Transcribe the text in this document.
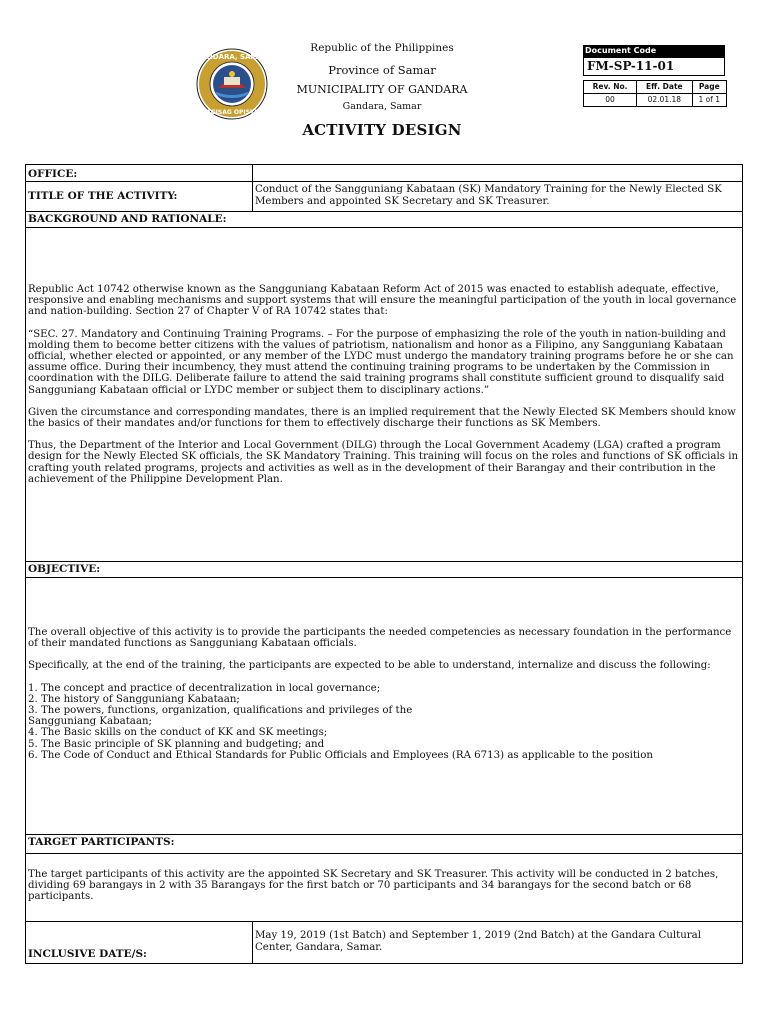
GANDARA, SAMAR
SAGISAG OPISYAL
Republic of the Philippines
Province of Samar
MUNICIPALITY OF GANDARA
Gandara, Samar
ACTIVITY DESIGN
Document Code
FM-SP-11-01
Rev. No.	Eff. Date	Page
00	02.01.18	1 of 1
OFFICE:
TITLE OF THE ACTIVITY:
Conduct of the Sangguniang Kabataan (SK) Mandatory Training for the Newly Elected SK Members and appointed SK Secretary and SK Treasurer.
BACKGROUND AND RATIONALE:

Republic Act 10742 otherwise known as the Sangguniang Kabataan Reform Act of 2015 was enacted to establish adequate, effective, responsive and enabling mechanisms and support systems that will ensure the meaningful participation of the youth in local governance and nation-building. Section 27 of Chapter V of RA 10742 states that:

“SEC. 27. Mandatory and Continuing Training Programs. – For the purpose of emphasizing the role of the youth in nation-building and molding them to become better citizens with the values of patriotism, nationalism and honor as a Filipino, any Sangguniang Kabataan official, whether elected or appointed, or any member of the LYDC must undergo the mandatory training programs before he or she can assume office. During their incumbency, they must attend the continuing training programs to be undertaken by the Commission in coordination with the DILG. Deliberate failure to attend the said training programs shall constitute sufficient ground to disqualify said Sangguniang Kabataan official or LYDC member or subject them to disciplinary actions.”

Given the circumstance and corresponding mandates, there is an implied requirement that the Newly Elected SK Members should know the basics of their mandates and/or functions for them to effectively discharge their functions as SK Members.

Thus, the Department of the Interior and Local Government (DILG) through the Local Government Academy (LGA) crafted a program design for the Newly Elected SK officials, the SK Mandatory Training. This training will focus on the roles and functions of SK officials in crafting youth related programs, projects and activities as well as in the development of their Barangay and their contribution in the achievement of the Philippine Development Plan.

OBJECTIVE:

The overall objective of this activity is to provide the participants the needed competencies as necessary foundation in the performance of their mandated functions as Sangguniang Kabataan officials.

Specifically, at the end of the training, the participants are expected to be able to understand, internalize and discuss the following:

1. The concept and practice of decentralization in local governance;

2. The history of Sangguniang Kabataan;

3. The powers, functions, organization, qualifications and privileges of the

Sangguniang Kabataan;

4. The Basic skills on the conduct of KK and SK meetings;

5. The Basic principle of SK planning and budgeting; and

6. The Code of Conduct and Ethical Standards for Public Officials and Employees (RA 6713) as applicable to the position

TARGET PARTICIPANTS:
The target participants of this activity are the appointed SK Secretary and SK Treasurer. This activity will be conducted in 2 batches, dividing 69 barangays in 2 with 35 Barangays for the first batch or 70 participants and 34 barangays for the second batch or 68 participants.
INCLUSIVE DATE/S:
May 19, 2019 (1st Batch) and September 1, 2019 (2nd Batch) at the Gandara Cultural Center, Gandara, Samar.
